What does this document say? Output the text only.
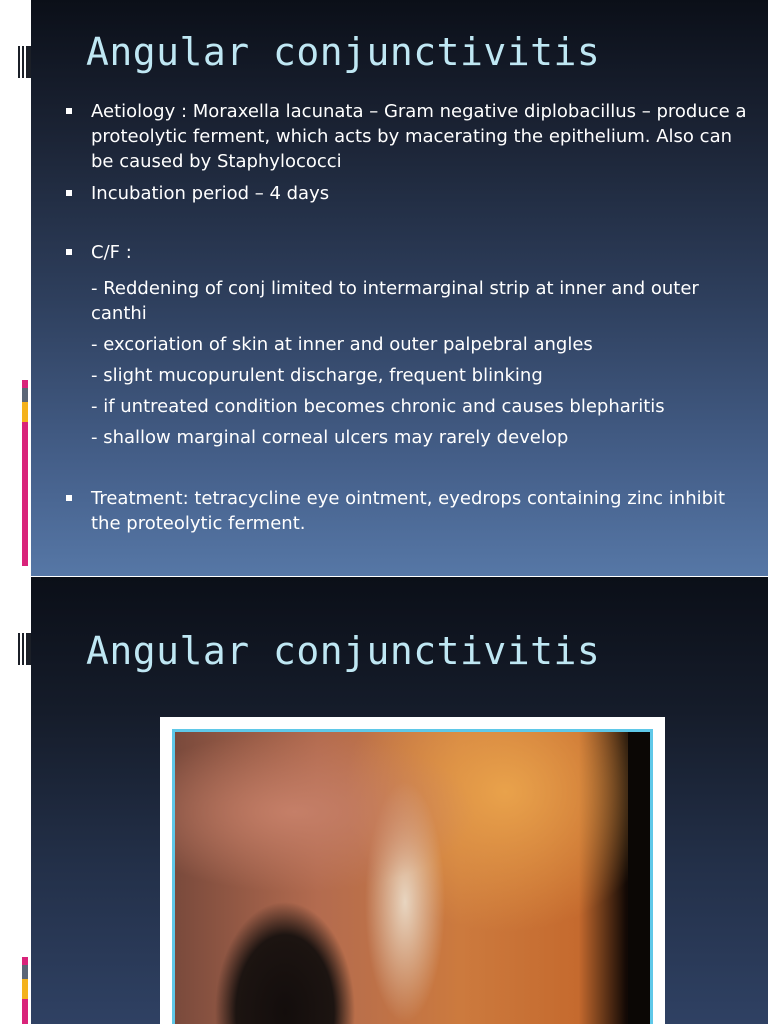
Angular conjunctivitis
Aetiology : Moraxella lacunata – Gram negative diplobacillus – produce a proteolytic ferment, which acts by macerating the epithelium. Also can be caused by Staphylococci
Incubation period – 4 days
C/F :
- Reddening of conj limited to intermarginal strip at inner and outer canthi
- excoriation of skin at inner and outer palpebral angles
- slight mucopurulent discharge, frequent blinking
- if untreated condition becomes chronic and causes blepharitis
- shallow marginal corneal ulcers may rarely develop
Treatment: tetracycline eye ointment, eyedrops containing zinc inhibit the proteolytic ferment.
Angular conjunctivitis
